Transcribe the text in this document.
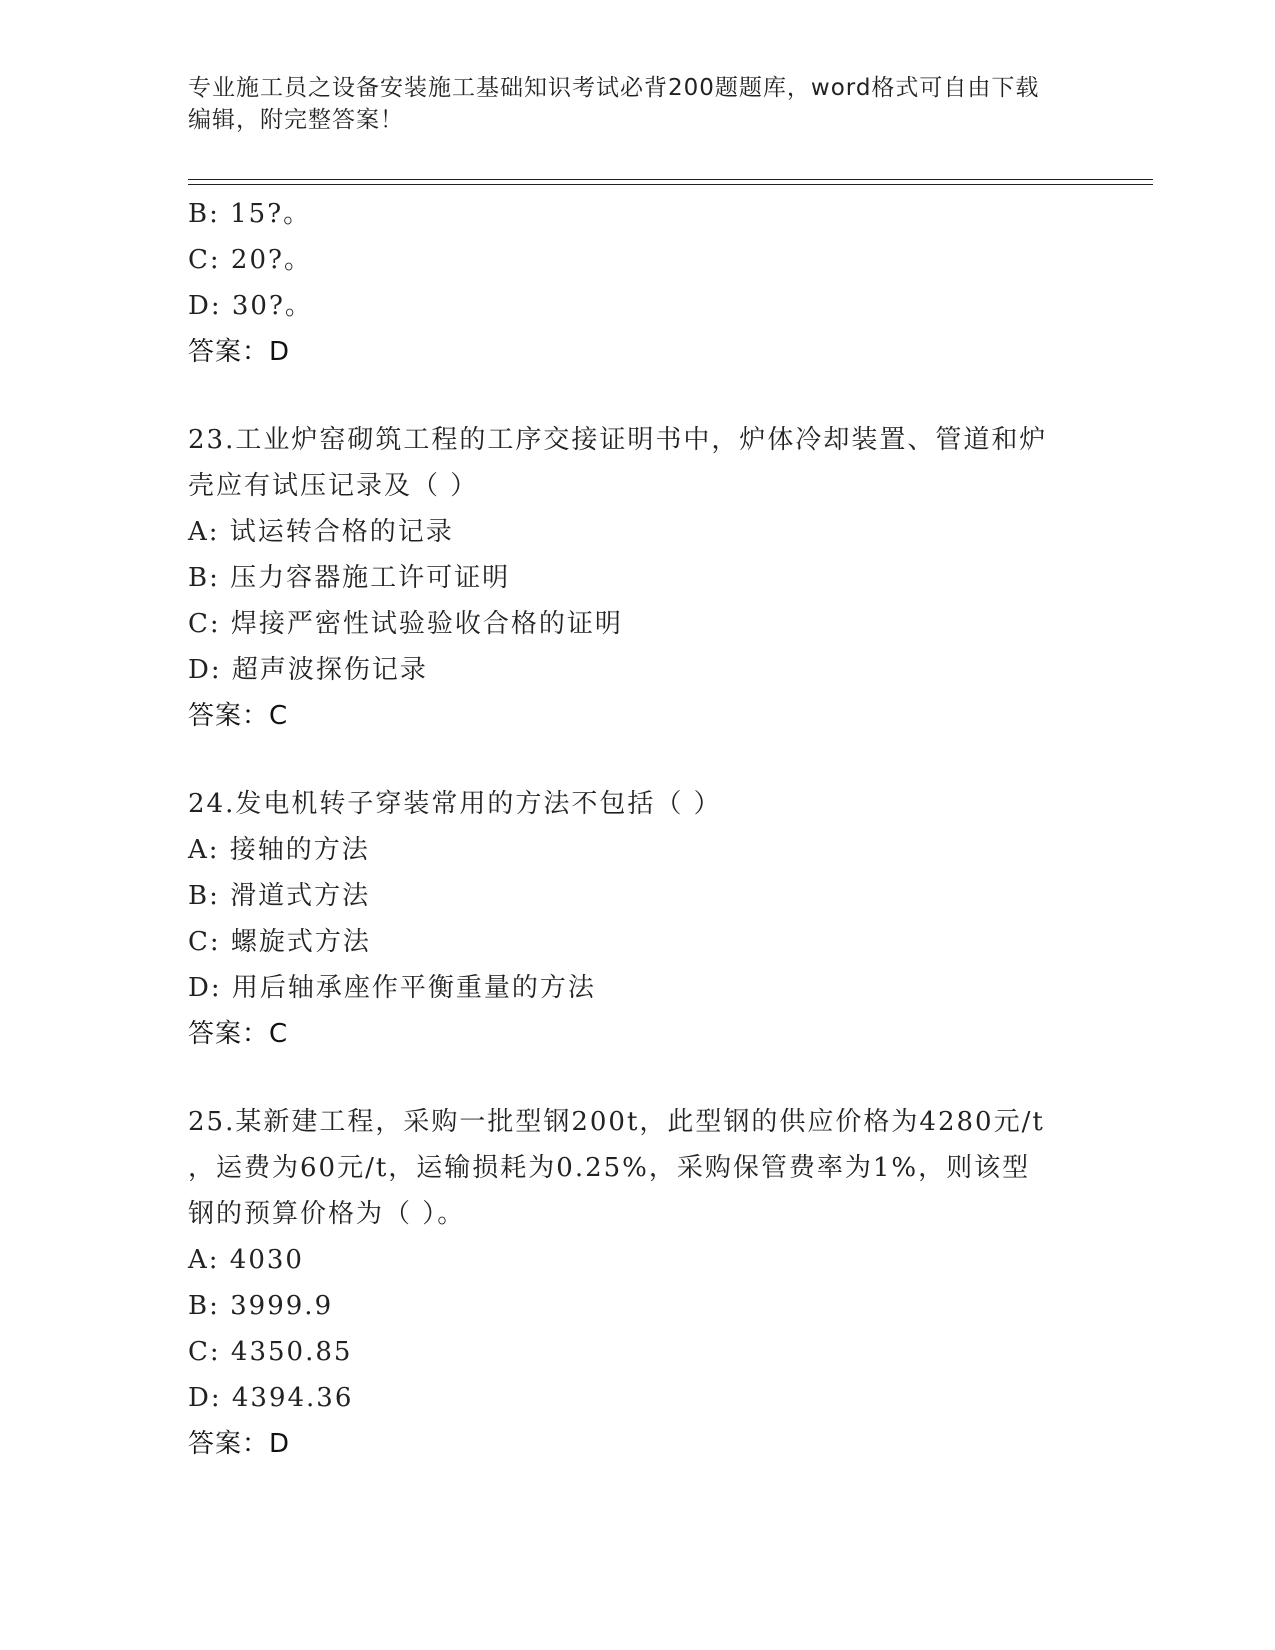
专业施工员之设备安装施工基础知识考试必背200题题库，word格式可自由下载
编辑，附完整答案！
B: 15?。
C: 20?。
D: 30?。
答案：D
23.工业炉窑砌筑工程的工序交接证明书中，炉体冷却装置、管道和炉
壳应有试压记录及（ ）
A: 试运转合格的记录
B: 压力容器施工许可证明
C: 焊接严密性试验验收合格的证明
D: 超声波探伤记录
答案：C
24.发电机转子穿装常用的方法不包括（ ）
A: 接轴的方法
B: 滑道式方法
C: 螺旋式方法
D: 用后轴承座作平衡重量的方法
答案：C
25.某新建工程，采购一批型钢200t，此型钢的供应价格为4280元/t
，运费为60元/t，运输损耗为0.25%，采购保管费率为1%，则该型
钢的预算价格为（ ）。
A: 4030
B: 3999.9
C: 4350.85
D: 4394.36
答案：D
